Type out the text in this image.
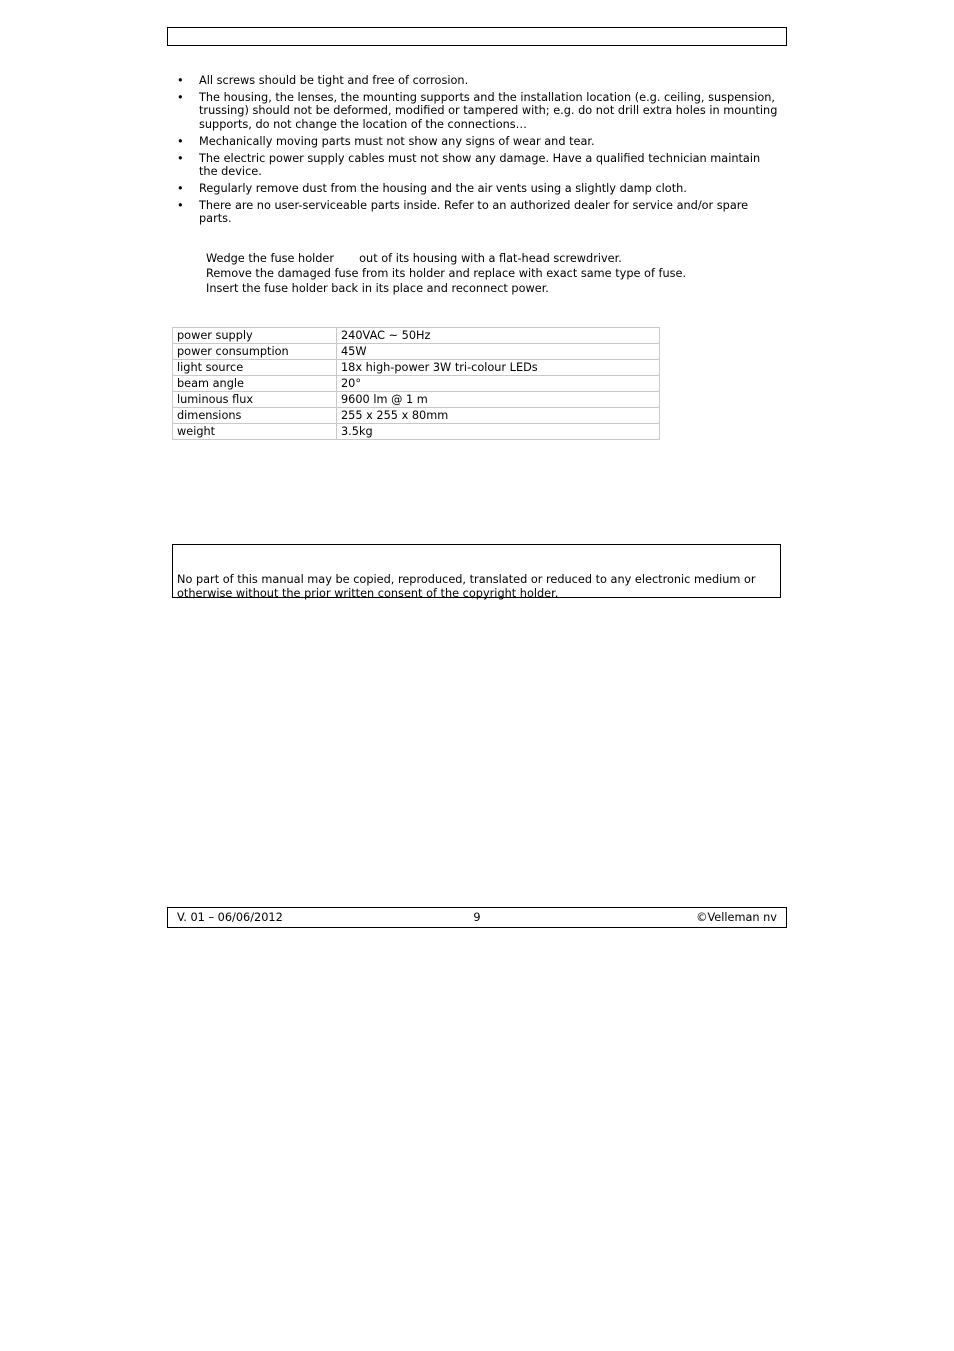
• All screws should be tight and free of corrosion.
• The housing, the lenses, the mounting supports and the installation location (e.g. ceiling, suspension, trussing) should not be deformed, modified or tampered with; e.g. do not drill extra holes in mounting supports, do not change the location of the connections…
• Mechanically moving parts must not show any signs of wear and tear.
• The electric power supply cables must not show any damage. Have a qualified technician maintain the device.
• Regularly remove dust from the housing and the air vents using a slightly damp cloth.
• There are no user-serviceable parts inside. Refer to an authorized dealer for service and/or spare parts.
Wedge the fuse holder       out of its housing with a flat-head screwdriver.
Remove the damaged fuse from its holder and replace with exact same type of fuse.
Insert the fuse holder back in its place and reconnect power.
power supply	240VAC ~ 50Hz
power consumption	45W
light source	18x high-power 3W tri-colour LEDs
beam angle	20°
luminous flux	9600 lm @ 1 m
dimensions	255 x 255 x 80mm
weight	3.5kg

No part of this manual may be copied, reproduced, translated or reduced to any electronic medium or otherwise without the prior written consent of the copyright holder.

9
V. 01 – 06/06/2012	©Velleman nv
